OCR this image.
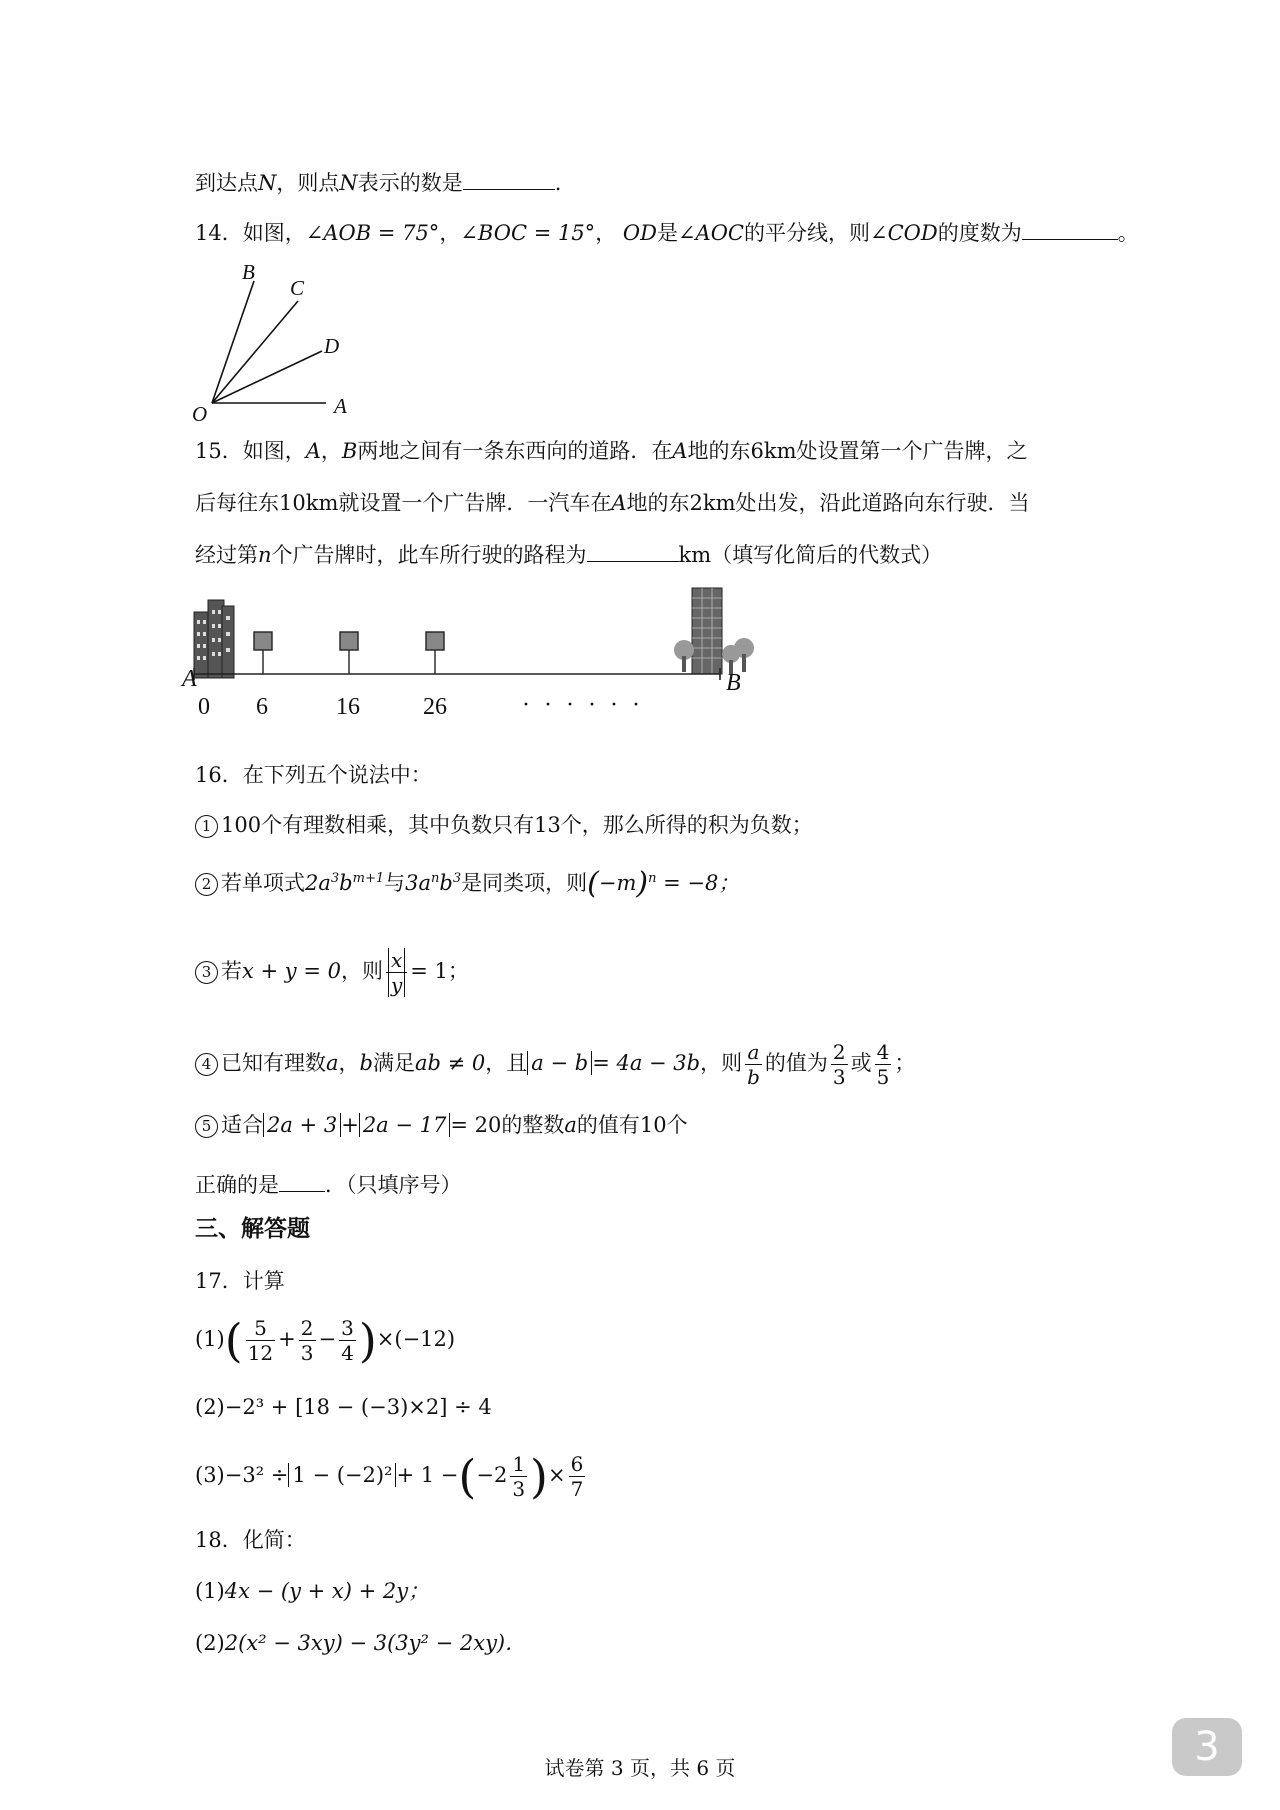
到达点N，则点N表示的数是	.
14．如图，∠AOB = 75°，∠BOC = 15°， OD是∠AOC的平分线，则∠COD的度数为	。
B
C
D
O	A
15．如图，A，B两地之间有一条东西向的道路．在A地的东6km处设置第一个广告牌，之
后每往东10km就设置一个广告牌．一汽车在A地的东2km处出发，沿此道路向东行驶．当
经过第n个广告牌时，此车所行驶的路程为	km（填写化简后的代数式）
A	B
0 6	16	26	· · · · · ·
16．在下列五个说法中：
1 100个有理数相乘，其中负数只有13个，那么所得的积为负数；
2 若单项式$2a^3b^{m+1}$与$3a^nb^3$是同类项，则$(-m)^n = -8$；
3 若x + y = 0，则 $\frac{x}{y} = 1$；
4 已知有理数a，b满足ab ≠ 0，且 a − b = 4a − 3b，则 $\frac{a}{b}$ 的值为 $\frac{2}{3}$ 或 $\frac{4}{5}$ ；
5 适合 2a + 3 + 2a − 17 = 20的整数a的值有10个
正确的是 ．（只填序号）
三、解答题
17．计算
$(1)( \frac{5}{12} + \frac{2}{3} - \frac{3}{4} )\times(-12)$
(2)−2³ + [18 − (−3)×2] ÷ 4
$(3)-3^2 \div 1 - (-2)^2 + 1 -(-2 \frac{1}{3}$ )× $\frac{6}{7}$
18．化简：
(1)4x − (y + x) + 2y；
(2)2(x² − 3xy) − 3(3y² − 2xy)．
3
试卷第 3 页，共 6 页
